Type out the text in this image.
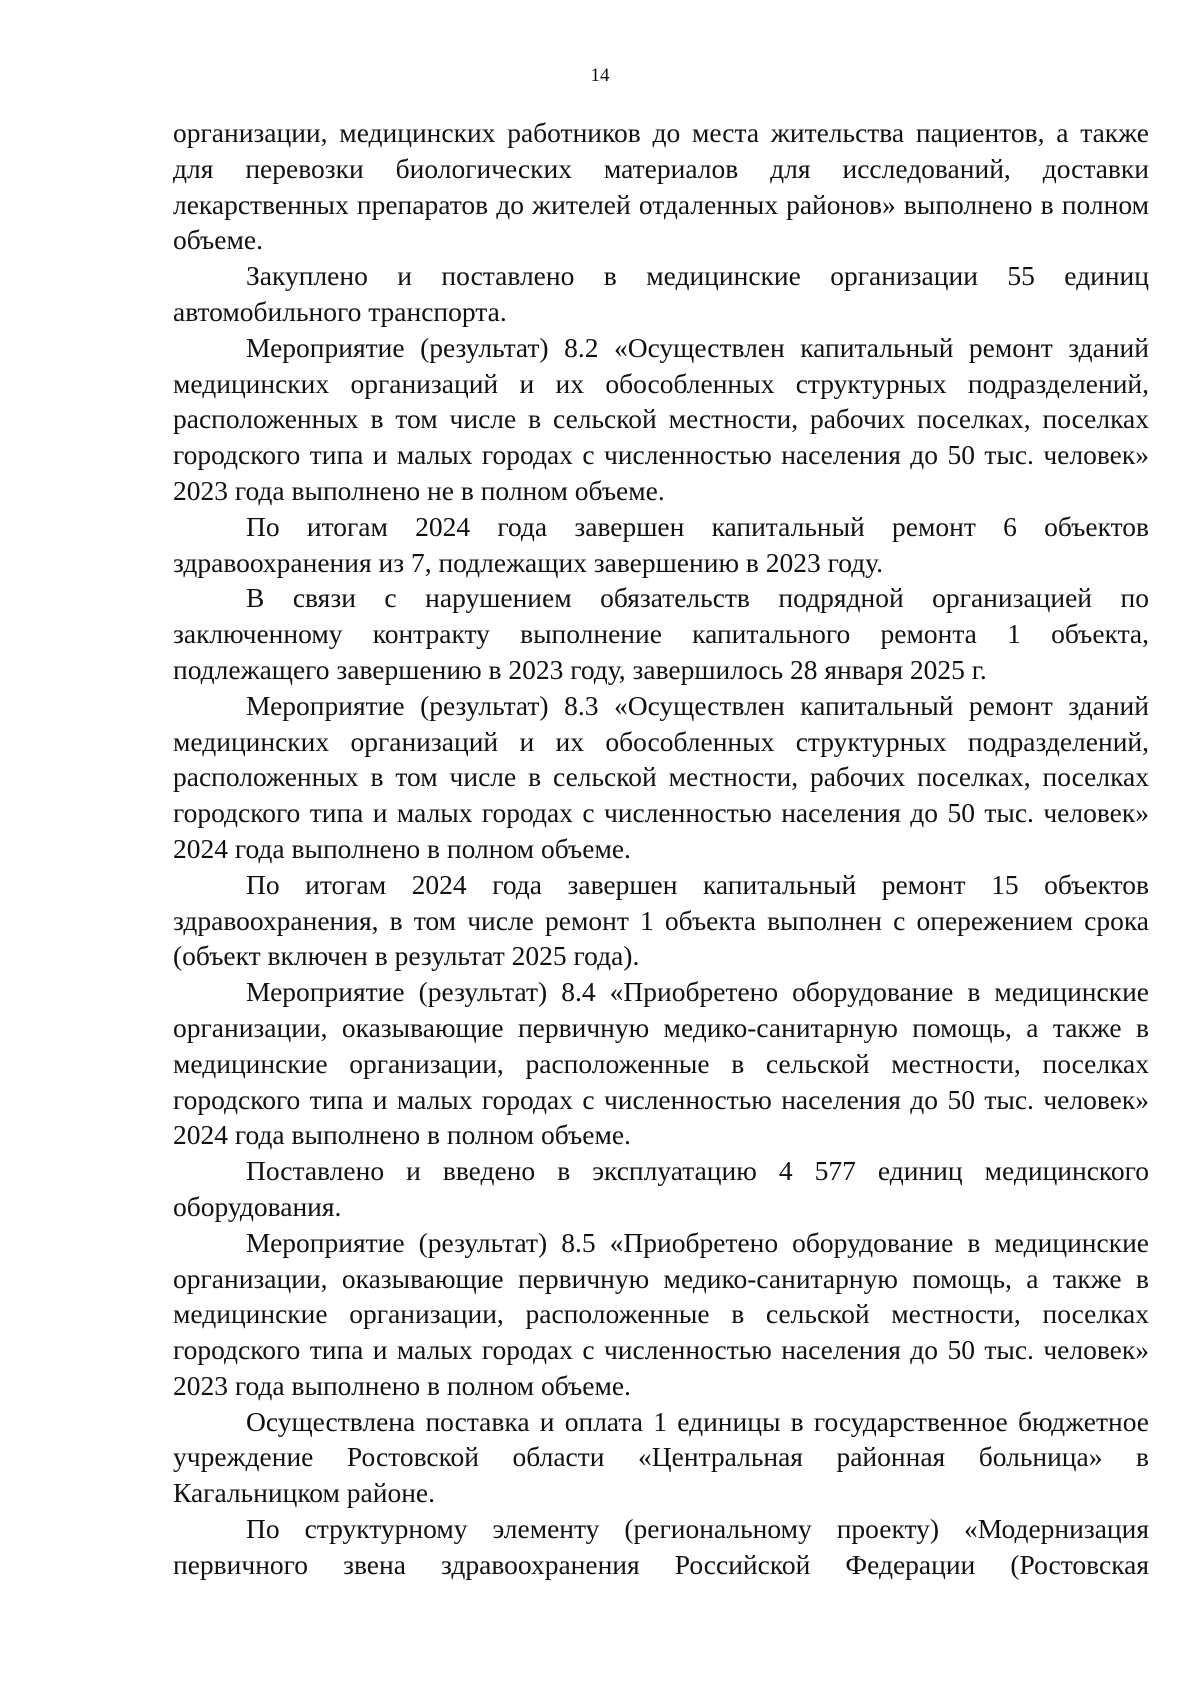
14

организации, медицинских работников до места жительства пациентов, а также для перевозки биологических материалов для исследований, доставки лекарственных препаратов до жителей отдаленных районов» выполнено в полном объеме.

Закуплено и поставлено в медицинские организации 55 единиц автомобильного транспорта.

Мероприятие (результат) 8.2 «Осуществлен капитальный ремонт зданий медицинских организаций и их обособленных структурных подразделений, расположенных в том числе в сельской местности, рабочих поселках, поселках городского типа и малых городах с численностью населения до 50 тыс. человек» 2023 года выполнено не в полном объеме.

По итогам 2024 года завершен капитальный ремонт 6 объектов здравоохранения из 7, подлежащих завершению в 2023 году.

В связи с нарушением обязательств подрядной организацией по заключенному контракту выполнение капитального ремонта 1 объекта, подлежащего завершению в 2023 году, завершилось 28 января 2025 г.

Мероприятие (результат) 8.3 «Осуществлен капитальный ремонт зданий медицинских организаций и их обособленных структурных подразделений, расположенных в том числе в сельской местности, рабочих поселках, поселках городского типа и малых городах с численностью населения до 50 тыс. человек» 2024 года выполнено в полном объеме.

По итогам 2024 года завершен капитальный ремонт 15 объектов здравоохранения, в том числе ремонт 1 объекта выполнен с опережением срока (объект включен в результат 2025 года).

Мероприятие (результат) 8.4 «Приобретено оборудование в медицинские организации, оказывающие первичную медико-санитарную помощь, а также в медицинские организации, расположенные в сельской местности, поселках городского типа и малых городах с численностью населения до 50 тыс. человек» 2024 года выполнено в полном объеме.

Поставлено и введено в эксплуатацию 4 577 единиц медицинского оборудования.

Мероприятие (результат) 8.5 «Приобретено оборудование в медицинские организации, оказывающие первичную медико-санитарную помощь, а также в медицинские организации, расположенные в сельской местности, поселках городского типа и малых городах с численностью населения до 50 тыс. человек» 2023 года выполнено в полном объеме.

Осуществлена поставка и оплата 1 единицы в государственное бюджетное учреждение Ростовской области «Центральная районная больница» в Кагальницком районе.

По структурному элементу (региональному проекту) «Модернизация первичного звена здравоохранения Российской Федерации (Ростовская
